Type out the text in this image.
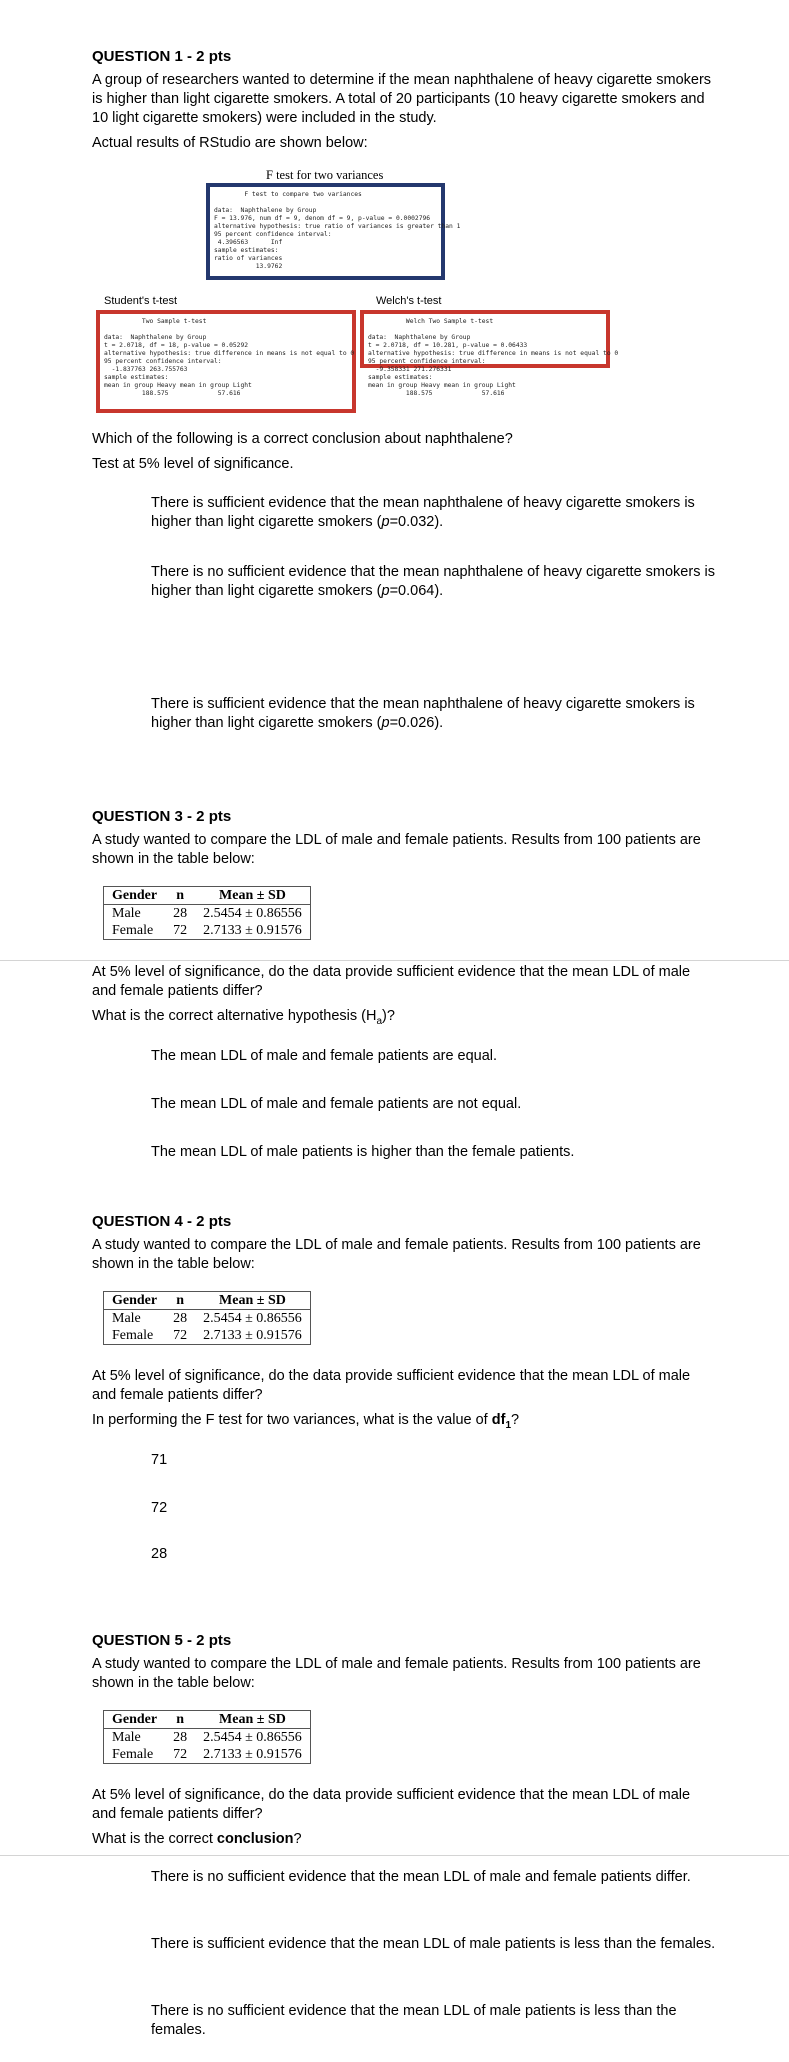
QUESTION 1 - 2 pts
A group of researchers wanted to determine if the mean naphthalene of heavy cigarette smokers is higher than light cigarette smokers. A total of 20 participants (10 heavy cigarette smokers and 10 light cigarette smokers) were included in the study.
Actual results of RStudio are shown below:
F test for two variances
F test to compare two variances

data:  Naphthalene by Group
F = 13.976, num df = 9, denom df = 9, p-value = 0.0002796
alternative hypothesis: true ratio of variances is greater than 1
95 percent confidence interval:
4.396563      Inf
sample estimates:
ratio of variances
13.9762
Student's t-test
Two Sample t-test

data:  Naphthalene by Group
t = 2.0718, df = 18, p-value = 0.05292
alternative hypothesis: true difference in means is not equal to 0
95 percent confidence interval:
-1.837763 263.755763
sample estimates:
mean in group Heavy mean in group Light
188.575             57.616
Welch's t-test
Welch Two Sample t-test

data:  Naphthalene by Group
t = 2.0718, df = 10.281, p-value = 0.06433
alternative hypothesis: true difference in means is not equal to 0
95 percent confidence interval:
-9.358331 271.276331
sample estimates:
mean in group Heavy mean in group Light
188.575             57.616
Which of the following is a correct conclusion about naphthalene?
Test at 5% level of significance.
There is sufficient evidence that the mean naphthalene of heavy cigarette smokers is higher than light cigarette smokers (p=0.032).
There is no sufficient evidence that the mean naphthalene of heavy cigarette smokers is higher than light cigarette smokers (p=0.064).
There is sufficient evidence that the mean naphthalene of heavy cigarette smokers is higher than light cigarette smokers (p=0.026).
QUESTION 3 - 2 pts
A study wanted to compare the LDL of male and female patients. Results from 100 patients are shown in the table below:
Gender	n	Mean ± SD
Male	28	2.5454 ± 0.86556
Female	72	2.7133 ± 0.91576
At 5% level of significance, do the data provide sufficient evidence that the mean LDL of male and female patients differ?
What is the correct alternative hypothesis $(H_a)$?
The mean LDL of male and female patients are equal.
The mean LDL of male and female patients are not equal.
The mean LDL of male patients is higher than the female patients.
QUESTION 4 - 2 pts
A study wanted to compare the LDL of male and female patients. Results from 100 patients are shown in the table below:
Gender	n	Mean ± SD
Male	28	2.5454 ± 0.86556
Female	72	2.7133 ± 0.91576
At 5% level of significance, do the data provide sufficient evidence that the mean LDL of male and female patients differ?
In performing the F test for two variances, what is the value of $df_1$?
71
72
28
QUESTION 5 - 2 pts
A study wanted to compare the LDL of male and female patients. Results from 100 patients are shown in the table below:
Gender	n	Mean ± SD
Male	28	2.5454 ± 0.86556
Female	72	2.7133 ± 0.91576
At 5% level of significance, do the data provide sufficient evidence that the mean LDL of male and female patients differ?
What is the correct conclusion?
There is no sufficient evidence that the mean LDL of male and female patients differ.
There is sufficient evidence that the mean LDL of male patients is less than the females.
There is no sufficient evidence that the mean LDL of male patients is less than the females.
